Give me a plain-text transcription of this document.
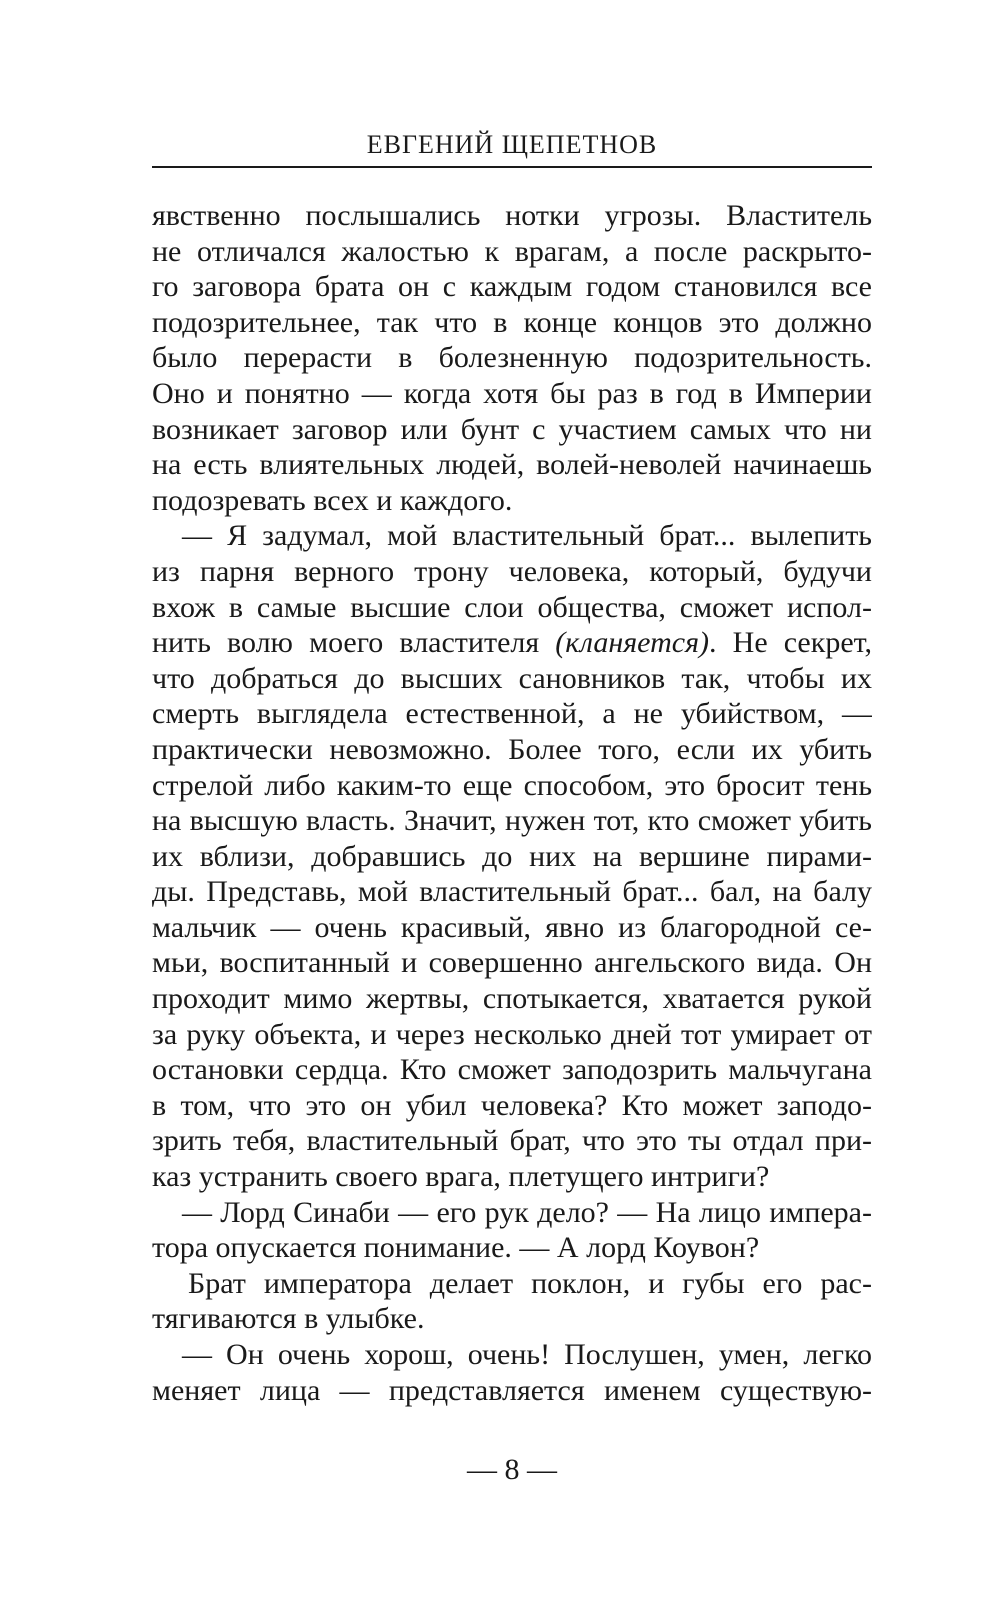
ЕВГЕНИЙ ЩЕПЕТНОВ
явственно послышались нотки угрозы. Властитель
не отличался жалостью к врагам, а после раскрыто-
го заговора брата он с каждым годом становился все
подозрительнее, так что в конце концов это должно
было перерасти в болезненную подозрительность.
Оно и понятно — когда хотя бы раз в год в Империи
возникает заговор или бунт с участием самых что ни
на есть влиятельных людей, волей-неволей начинаешь
подозревать всех и каждого.
— Я задумал, мой властительный брат... вылепить
из парня верного трону человека, который, будучи
вхож в самые высшие слои общества, сможет испол-
нить волю моего властителя (кланяется). Не секрет,
что добраться до высших сановников так, чтобы их
смерть выглядела естественной, а не убийством, —
практически невозможно. Более того, если их убить
стрелой либо каким-то еще способом, это бросит тень
на высшую власть. Значит, нужен тот, кто сможет убить
их вблизи, добравшись до них на вершине пирами-
ды. Представь, мой властительный брат... бал, на балу
мальчик — очень красивый, явно из благородной се-
мьи, воспитанный и совершенно ангельского вида. Он
проходит мимо жертвы, спотыкается, хватается рукой
за руку объекта, и через несколько дней тот умирает от
остановки сердца. Кто сможет заподозрить мальчугана
в том, что это он убил человека? Кто может заподо-
зрить тебя, властительный брат, что это ты отдал при-
каз устранить своего врага, плетущего интриги?
— Лорд Синаби — его рук дело? — На лицо импера-
тора опускается понимание. — А лорд Коувон?
Брат императора делает поклон, и губы его рас-
тягиваются в улыбке.
— Он очень хорош, очень! Послушен, умен, легко
меняет лица — представляется именем существую-
— 8 —
